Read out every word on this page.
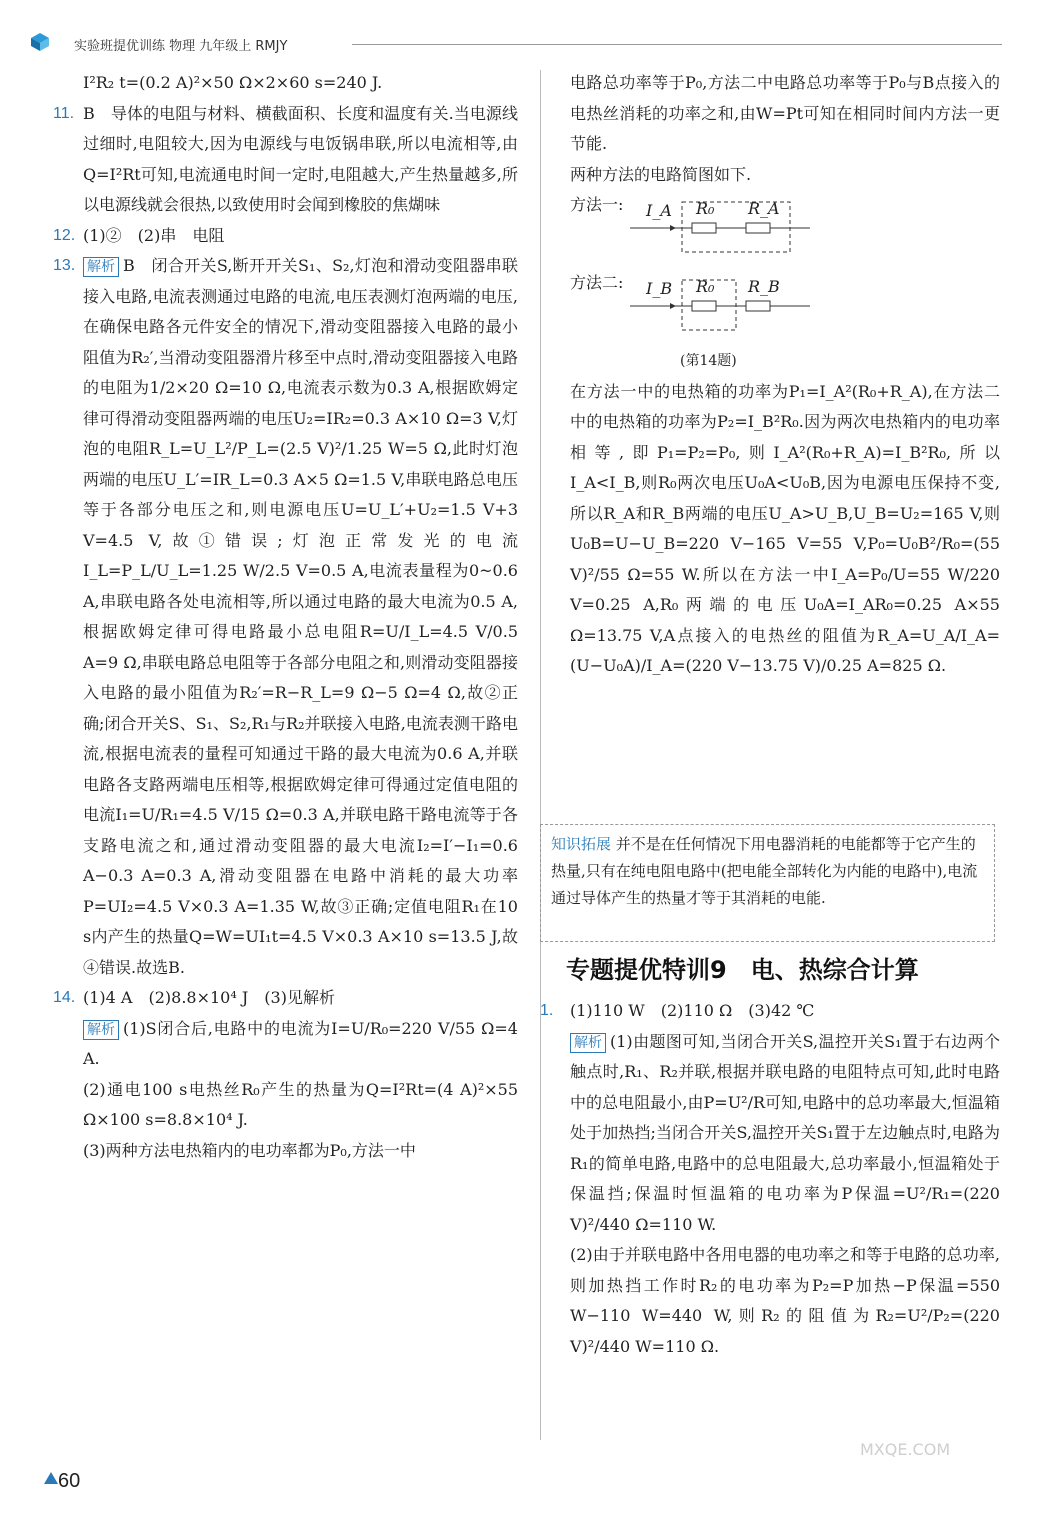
实验班提优训练 物理 九年级上 RMJY

I²R₂ t=(0.2 A)²×50 Ω×2×60 s=240 J.

11. B　导体的电阻与材料、横截面积、长度和温度有关.当电源线过细时,电阻较大,因为电源线与电饭锅串联,所以电流相等,由Q=I²Rt可知,电流通电时间一定时,电阻越大,产生热量越多,所以电源线就会很热,以致使用时会闻到橡胶的焦煳味

12. (1)②　(2)串　电阻

13. 解析 B　闭合开关S,断开开关S₁、S₂,灯泡和滑动变阻器串联接入电路,电流表测通过电路的电流,电压表测灯泡两端的电压,在确保电路各元件安全的情况下,滑动变阻器接入电路的最小阻值为R₂′,当滑动变阻器滑片移至中点时,滑动变阻器接入电路的电阻为1/2×20 Ω=10 Ω,电流表示数为0.3 A,根据欧姆定律可得滑动变阻器两端的电压U₂=IR₂=0.3 A×10 Ω=3 V,灯泡的电阻R_L=U_L²/P_L=(2.5 V)²/1.25 W=5 Ω,此时灯泡两端的电压U_L′=IR_L=0.3 A×5 Ω=1.5 V,串联电路总电压等于各部分电压之和,则电源电压U=U_L′+U₂=1.5 V+3 V=4.5 V,故①错误;灯泡正常发光的电流I_L=P_L/U_L=1.25 W/2.5 V=0.5 A,电流表量程为0~0.6 A,串联电路各处电流相等,所以通过电路的最大电流为0.5 A,根据欧姆定律可得电路最小总电阻R=U/I_L=4.5 V/0.5 A=9 Ω,串联电路总电阻等于各部分电阻之和,则滑动变阻器接入电路的最小阻值为R₂′=R−R_L=9 Ω−5 Ω=4 Ω,故②正确;闭合开关S、S₁、S₂,R₁与R₂并联接入电路,电流表测干路电流,根据电流表的量程可知通过干路的最大电流为0.6 A,并联电路各支路两端电压相等,根据欧姆定律可得通过定值电阻的电流I₁=U/R₁=4.5 V/15 Ω=0.3 A,并联电路干路电流等于各支路电流之和,通过滑动变阻器的最大电流I₂=I′−I₁=0.6 A−0.3 A=0.3 A,滑动变阻器在电路中消耗的最大功率P=UI₂=4.5 V×0.3 A=1.35 W,故③正确;定值电阻R₁在10 s内产生的热量Q=W=UI₁t=4.5 V×0.3 A×10 s=13.5 J,故④错误.故选B.

14. (1)4 A　(2)8.8×10⁴ J　(3)见解析

解析 (1)S闭合后,电路中的电流为I=U/R₀=220 V/55 Ω=4 A.

(2)通电100 s电热丝R₀产生的热量为Q=I²Rt=(4 A)²×55 Ω×100 s=8.8×10⁴ J.

(3)两种方法电热箱内的电功率都为P₀,方法一中

电路总功率等于P₀,方法二中电路总功率等于P₀与B点接入的电热丝消耗的功率之和,由W=Pt可知在相同时间内方法一更节能.

两种方法的电路简图如下.

方法一: I_A R₀ R_A
方法二: I_B R₀ R_B

(第14题)

在方法一中的电热箱的功率为P₁=I_A²(R₀+R_A),在方法二中的电热箱的功率为P₂=I_B²R₀.因为两次电热箱内的电功率相等,即P₁=P₂=P₀,则I_A²(R₀+R_A)=I_B²R₀,所以I_A<I_B,则R₀两次电压U₀A<U₀B,因为电源电压保持不变,所以R_A和R_B两端的电压U_A>U_B,U_B=U₂=165 V,则U₀B=U−U_B=220 V−165 V=55 V,P₀=U₀B²/R₀=(55 V)²/55 Ω=55 W.所以在方法一中I_A=P₀/U=55 W/220 V=0.25 A,R₀两端的电压U₀A=I_AR₀=0.25 A×55 Ω=13.75 V,A点接入的电热丝的阻值为R_A=U_A/I_A=(U−U₀A)/I_A=(220 V−13.75 V)/0.25 A=825 Ω.

知识拓展 并不是在任何情况下用电器消耗的电能都等于它产生的热量,只有在纯电阻电路中(把电能全部转化为内能的电路中),电流通过导体产生的热量才等于其消耗的电能.
专题提优特训9　电、热综合计算
1. (1)110 W　(2)110 Ω　(3)42 ℃

解析 (1)由题图可知,当闭合开关S,温控开关S₁置于右边两个触点时,R₁、R₂并联,根据并联电路的电阻特点可知,此时电路中的总电阻最小,由P=U²/R可知,电路中的总功率最大,恒温箱处于加热挡;当闭合开关S,温控开关S₁置于左边触点时,电路为R₁的简单电路,电路中的总电阻最大,总功率最小,恒温箱处于保温挡;保温时恒温箱的电功率为P保温=U²/R₁=(220 V)²/440 Ω=110 W.

(2)由于并联电路中各用电器的电功率之和等于电路的总功率,则加热挡工作时R₂的电功率为P₂=P加热−P保温=550 W−110 W=440 W,则R₂的阻值为R₂=U²/P₂=(220 V)²/440 W=110 Ω.

60
MXQE.COM
